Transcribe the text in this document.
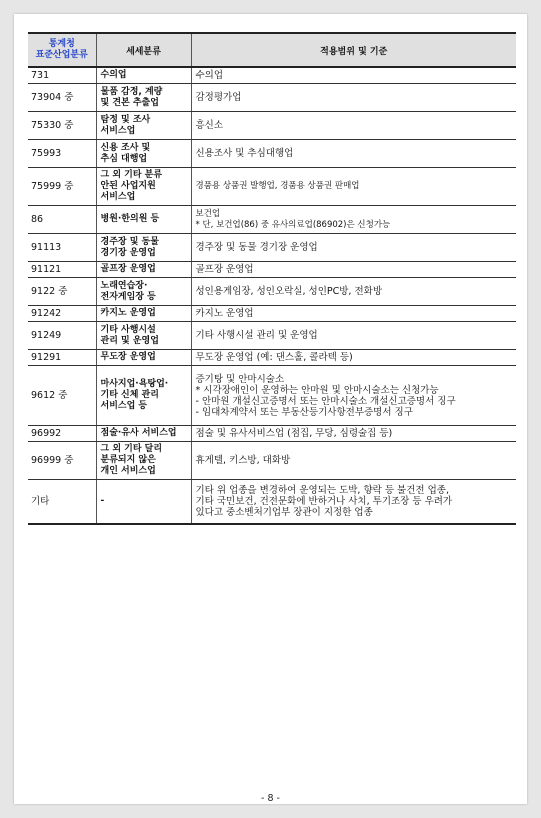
통계청
표준산업분류	세세분류	적용범위 및 기준
731	수의업	수의업

73904 중	물품 감정, 계량
및 견본 추출업	감정평가업

75330 중	탐정 및 조사
서비스업	흥신소

75993	신용 조사 및
추심 대행업	신용조사 및 추심대행업

75999 중	그 외 기타 분류
안된 사업지원
서비스업	경품용 상품권 발행업, 경품용 상품권 판매업

86	병원·한의원 등	보건업
* 단, 보건업(86) 중 유사의료업(86902)은 신청가능

91113	경주장 및 동물
경기장 운영업	경주장 및 동물 경기장 운영업

91121	골프장 운영업	골프장 운영업

9122 중	노래연습장·
전자게임장 등	성인용게임장, 성인오락실, 성인PC방, 전화방

91242	카지노 운영업	카지노 운영업

91249	기타 사행시설
관리 및 운영업	기타 사행시설 관리 및 운영업

91291	무도장 운영업	무도장 운영업 (예: 댄스홀, 콜라텍 등)

9612 중	마사지업·욕탕업·
기타 신체 관리
서비스업 등	증기탕 및 안마시술소
* 시각장애인이 운영하는 안마원 및 안마시술소는 신청가능
- 안마원 개설신고증명서 또는 안마시술소 개설신고증명서 징구
- 임대차계약서 또는 부동산등기사항전부증명서 징구

96992	점술·유사 서비스업	점술 및 유사서비스업 (점집, 무당, 심령술집 등)

96999 중	그 외 기타 달리
분류되지 않은
개인 서비스업	휴게텔, 키스방, 대화방

기타	-	기타 위 업종을 변경하여 운영되는 도박, 향락 등 불건전 업종,
기타 국민보건, 건전문화에 반하거나 사치, 투기조장 등 우려가
있다고 중소벤처기업부 장관이 지정한 업종
- 8 -
